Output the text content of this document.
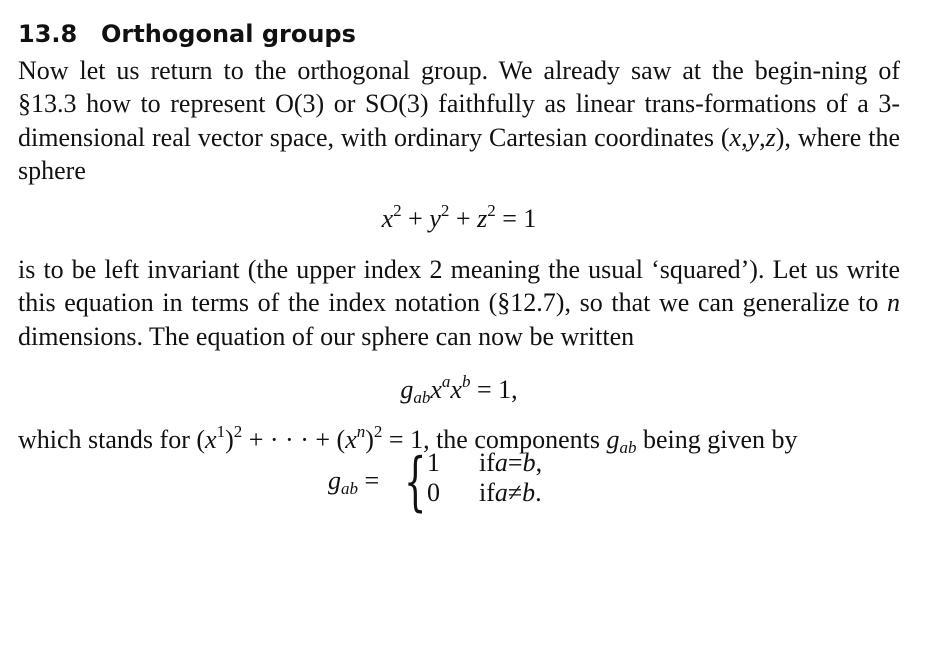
13.8 Orthogonal groups

Now let us return to the orthogonal group. We already saw at the begin-ning of §13.3 how to represent O(3) or SO(3) faithfully as linear trans-formations of a 3-dimensional real vector space, with ordinary Cartesian coordinates (x,y,z), where the sphere

$x^2 + y^2 + z^2 = 1$

is to be left invariant (the upper index 2 meaning the usual ‘squared’). Let us write this equation in terms of the index notation (§12.7), so that we can generalize to n dimensions. The equation of our sphere can now be written

$g_{ab}x^ax^b = 1$,

which stands for $(x^1)^2$ + · · · + $(x^n)^2 = 1$, the components $g_{ab}$ being given by

$g_{ab}$ = { 1 ifa=b,
0 ifa≠b.
